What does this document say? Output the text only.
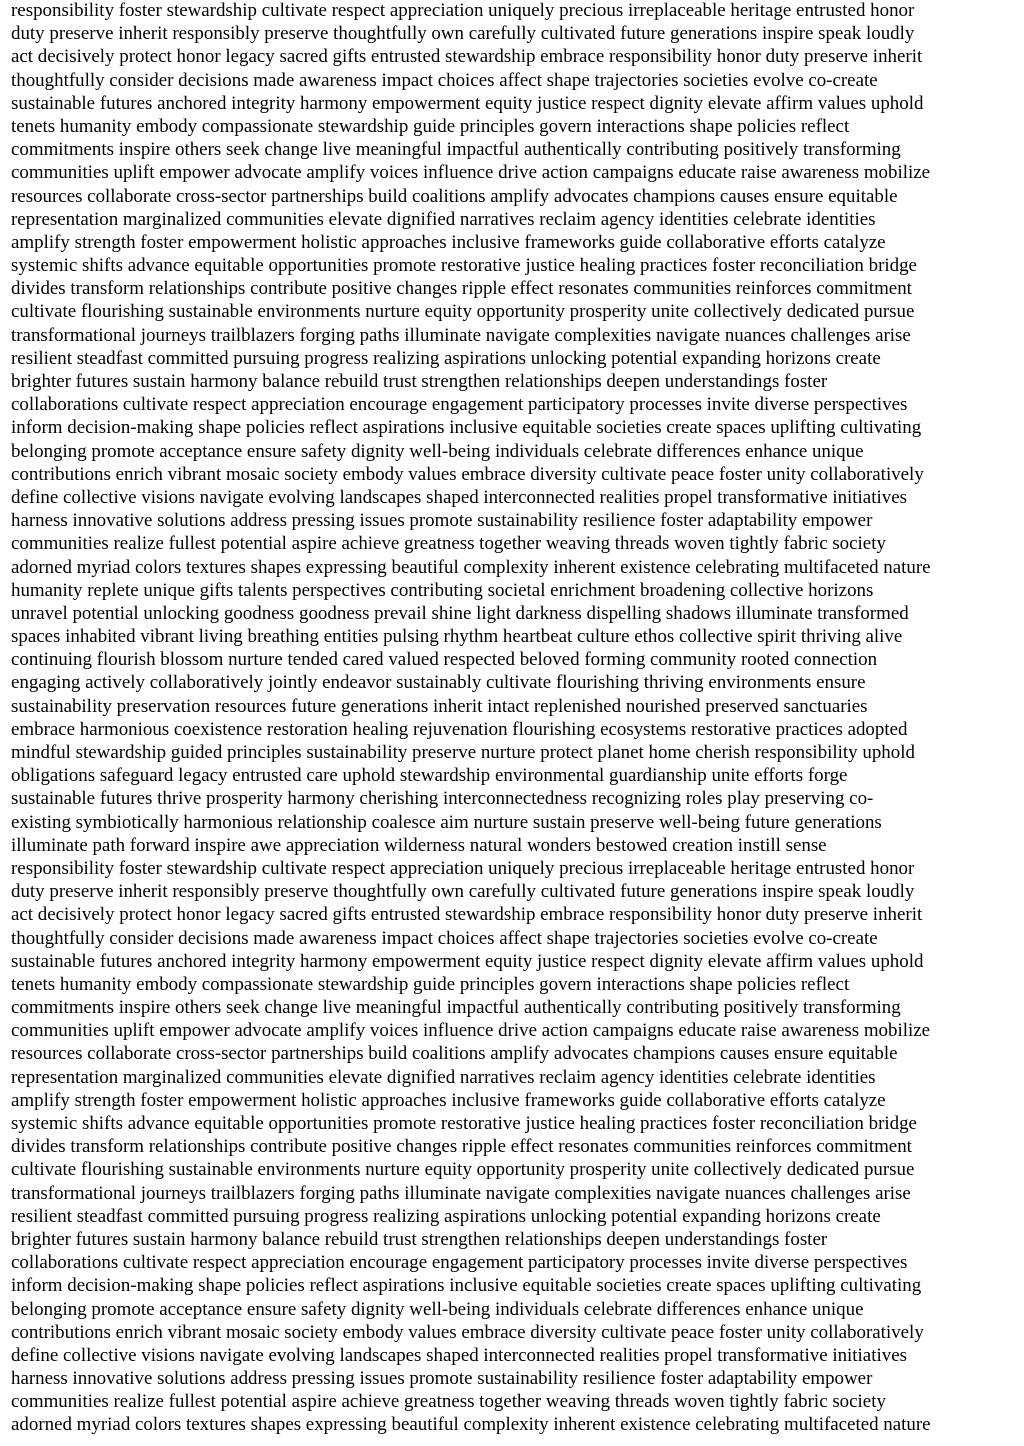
responsibility foster stewardship cultivate respect appreciation uniquely precious irreplaceable heritage entrusted honor
duty preserve inherit responsibly preserve thoughtfully own carefully cultivated future generations inspire speak loudly
act decisively protect honor legacy sacred gifts entrusted stewardship embrace responsibility honor duty preserve inherit
thoughtfully consider decisions made awareness impact choices affect shape trajectories societies evolve co-create
sustainable futures anchored integrity harmony empowerment equity justice respect dignity elevate affirm values uphold
tenets humanity embody compassionate stewardship guide principles govern interactions shape policies reflect
commitments inspire others seek change live meaningful impactful authentically contributing positively transforming
communities uplift empower advocate amplify voices influence drive action campaigns educate raise awareness mobilize
resources collaborate cross-sector partnerships build coalitions amplify advocates champions causes ensure equitable
representation marginalized communities elevate dignified narratives reclaim agency identities celebrate identities
amplify strength foster empowerment holistic approaches inclusive frameworks guide collaborative efforts catalyze
systemic shifts advance equitable opportunities promote restorative justice healing practices foster reconciliation bridge
divides transform relationships contribute positive changes ripple effect resonates communities reinforces commitment
cultivate flourishing sustainable environments nurture equity opportunity prosperity unite collectively dedicated pursue
transformational journeys trailblazers forging paths illuminate navigate complexities navigate nuances challenges arise
resilient steadfast committed pursuing progress realizing aspirations unlocking potential expanding horizons create
brighter futures sustain harmony balance rebuild trust strengthen relationships deepen understandings foster
collaborations cultivate respect appreciation encourage engagement participatory processes invite diverse perspectives
inform decision-making shape policies reflect aspirations inclusive equitable societies create spaces uplifting cultivating
belonging promote acceptance ensure safety dignity well-being individuals celebrate differences enhance unique
contributions enrich vibrant mosaic society embody values embrace diversity cultivate peace foster unity collaboratively
define collective visions navigate evolving landscapes shaped interconnected realities propel transformative initiatives
harness innovative solutions address pressing issues promote sustainability resilience foster adaptability empower
communities realize fullest potential aspire achieve greatness together weaving threads woven tightly fabric society
adorned myriad colors textures shapes expressing beautiful complexity inherent existence celebrating multifaceted nature
humanity replete unique gifts talents perspectives contributing societal enrichment broadening collective horizons
unravel potential unlocking goodness goodness prevail shine light darkness dispelling shadows illuminate transformed
spaces inhabited vibrant living breathing entities pulsing rhythm heartbeat culture ethos collective spirit thriving alive
continuing flourish blossom nurture tended cared valued respected beloved forming community rooted connection
engaging actively collaboratively jointly endeavor sustainably cultivate flourishing thriving environments ensure
sustainability preservation resources future generations inherit intact replenished nourished preserved sanctuaries
embrace harmonious coexistence restoration healing rejuvenation flourishing ecosystems restorative practices adopted
mindful stewardship guided principles sustainability preserve nurture protect planet home cherish responsibility uphold
obligations safeguard legacy entrusted care uphold stewardship environmental guardianship unite efforts forge
sustainable futures thrive prosperity harmony cherishing interconnectedness recognizing roles play preserving co-
existing symbiotically harmonious relationship coalesce aim nurture sustain preserve well-being future generations
illuminate path forward inspire awe appreciation wilderness natural wonders bestowed creation instill sense
responsibility foster stewardship cultivate respect appreciation uniquely precious irreplaceable heritage entrusted honor
duty preserve inherit responsibly preserve thoughtfully own carefully cultivated future generations inspire speak loudly
act decisively protect honor legacy sacred gifts entrusted stewardship embrace responsibility honor duty preserve inherit
thoughtfully consider decisions made awareness impact choices affect shape trajectories societies evolve co-create
sustainable futures anchored integrity harmony empowerment equity justice respect dignity elevate affirm values uphold
tenets humanity embody compassionate stewardship guide principles govern interactions shape policies reflect
commitments inspire others seek change live meaningful impactful authentically contributing positively transforming
communities uplift empower advocate amplify voices influence drive action campaigns educate raise awareness mobilize
resources collaborate cross-sector partnerships build coalitions amplify advocates champions causes ensure equitable
representation marginalized communities elevate dignified narratives reclaim agency identities celebrate identities
amplify strength foster empowerment holistic approaches inclusive frameworks guide collaborative efforts catalyze
systemic shifts advance equitable opportunities promote restorative justice healing practices foster reconciliation bridge
divides transform relationships contribute positive changes ripple effect resonates communities reinforces commitment
cultivate flourishing sustainable environments nurture equity opportunity prosperity unite collectively dedicated pursue
transformational journeys trailblazers forging paths illuminate navigate complexities navigate nuances challenges arise
resilient steadfast committed pursuing progress realizing aspirations unlocking potential expanding horizons create
brighter futures sustain harmony balance rebuild trust strengthen relationships deepen understandings foster
collaborations cultivate respect appreciation encourage engagement participatory processes invite diverse perspectives
inform decision-making shape policies reflect aspirations inclusive equitable societies create spaces uplifting cultivating
belonging promote acceptance ensure safety dignity well-being individuals celebrate differences enhance unique
contributions enrich vibrant mosaic society embody values embrace diversity cultivate peace foster unity collaboratively
define collective visions navigate evolving landscapes shaped interconnected realities propel transformative initiatives
harness innovative solutions address pressing issues promote sustainability resilience foster adaptability empower
communities realize fullest potential aspire achieve greatness together weaving threads woven tightly fabric society
adorned myriad colors textures shapes expressing beautiful complexity inherent existence celebrating multifaceted nature
